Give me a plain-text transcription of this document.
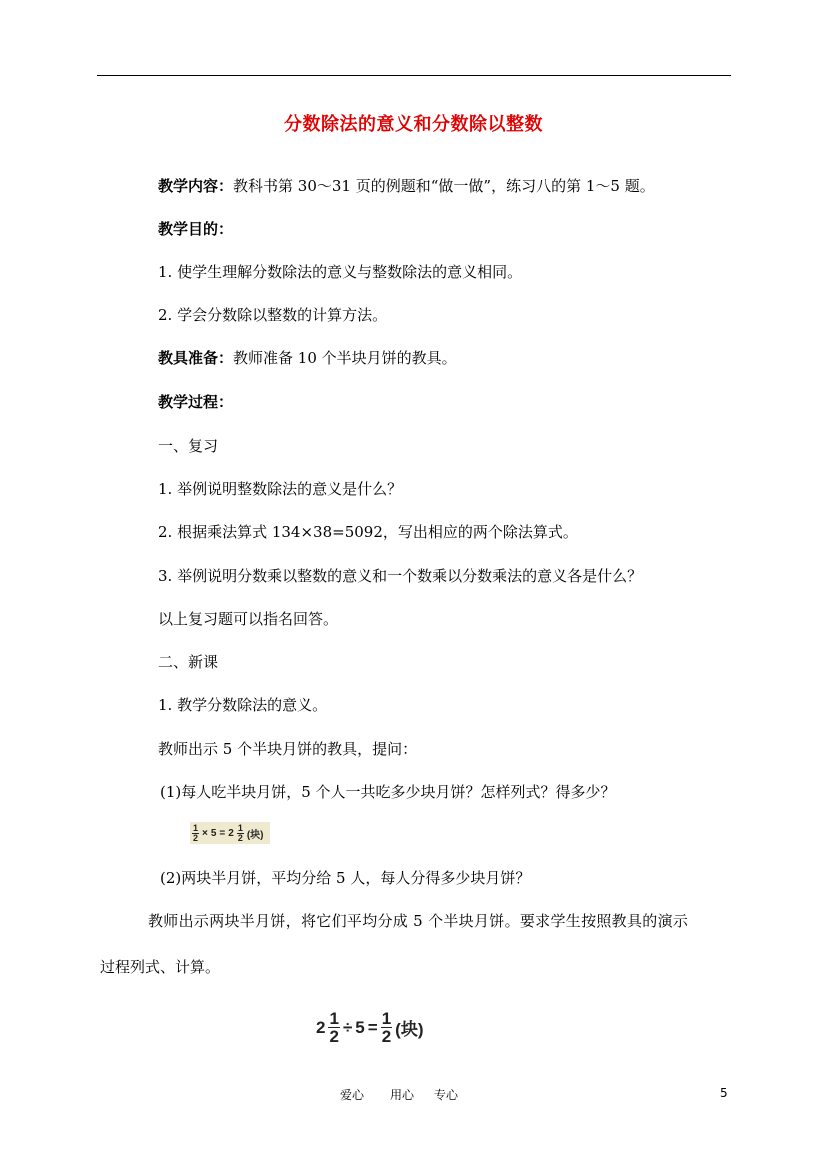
分数除法的意义和分数除以整数
教学内容：教科书第 30～31 页的例题和“做一做”，练习八的第 1～5 题。
教学目的：
1. 使学生理解分数除法的意义与整数除法的意义相同。
2. 学会分数除以整数的计算方法。
教具准备：教师准备 10 个半块月饼的教具。
教学过程：
一、复习
1. 举例说明整数除法的意义是什么？
2. 根据乘法算式 134×38=5092，写出相应的两个除法算式。
3. 举例说明分数乘以整数的意义和一个数乘以分数乘法的意义各是什么？
以上复习题可以指名回答。
二、新课
1. 教学分数除法的意义。
教师出示 5 个半块月饼的教具，提问：
(1)每人吃半块月饼，5 个人一共吃多少块月饼？怎样列式？得多少？
$\frac{1}{2} \times 5 = 2 \frac{1}{2}$ (块)
(2)两块半月饼，平均分给 5 人，每人分得多少块月饼？
教师出示两块半月饼，将它们平均分成 5 个半块月饼。要求学生按照教具的演示
过程列式、计算。
$2 \frac{1}{2} \div 5 = \frac{1}{2}$ (块)
爱心 用心 专心	5
